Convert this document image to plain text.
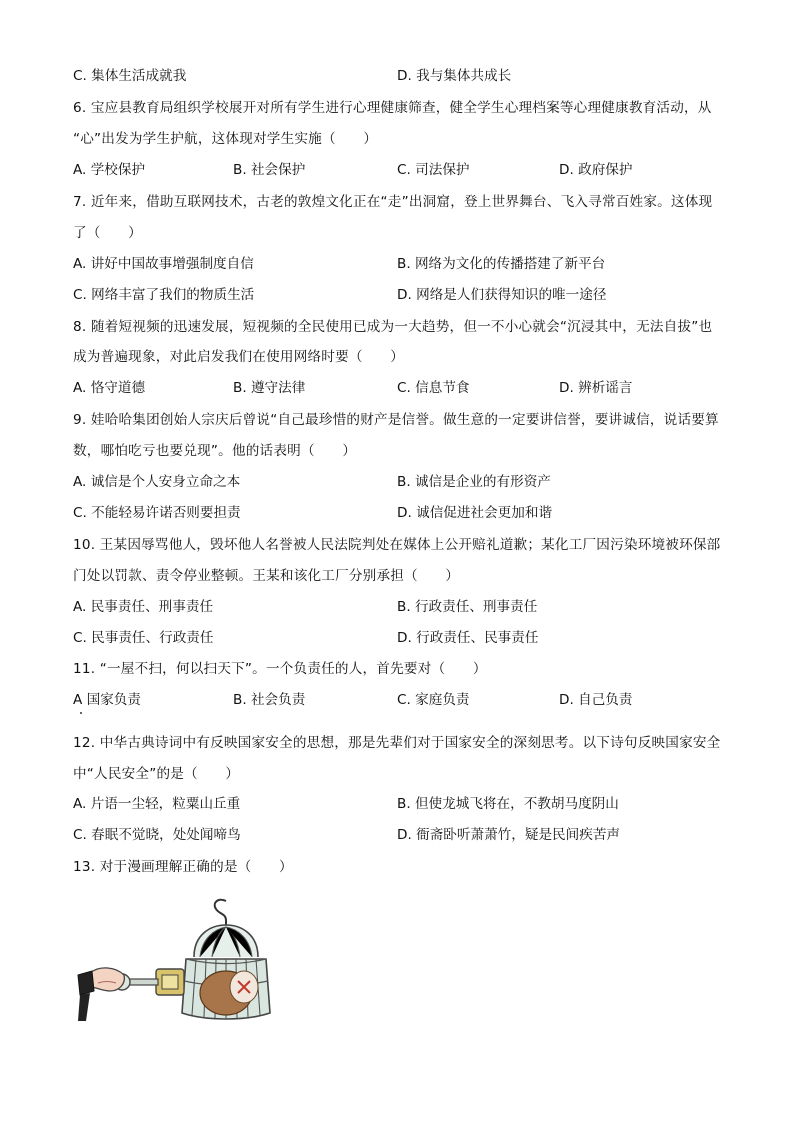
C. 集体生活成就我	D. 我与集体共成长
6. 宝应县教育局组织学校展开对所有学生进行心理健康筛查，健全学生心理档案等心理健康教育活动，从
“心”出发为学生护航，这体现对学生实施（　　）
A. 学校保护	B. 社会保护	C. 司法保护	D. 政府保护
7. 近年来，借助互联网技术，古老的敦煌文化正在“走”出洞窟，登上世界舞台、飞入寻常百姓家。这体现
了（　　）
A. 讲好中国故事增强制度自信	B. 网络为文化的传播搭建了新平台
C. 网络丰富了我们的物质生活	D. 网络是人们获得知识的唯一途径
8. 随着短视频的迅速发展，短视频的全民使用已成为一大趋势，但一不小心就会“沉浸其中，无法自拔”也
成为普遍现象，对此启发我们在使用网络时要（　　）
A. 恪守道德	B. 遵守法律	C. 信息节食	D. 辨析谣言
9. 娃哈哈集团创始人宗庆后曾说“自己最珍惜的财产是信誉。做生意的一定要讲信誉，要讲诚信，说话要算
数，哪怕吃亏也要兑现”。他的话表明（　　）
A. 诚信是个人安身立命之本	B. 诚信是企业的有形资产
C. 不能轻易许诺否则要担责	D. 诚信促进社会更加和谐
10. 王某因辱骂他人，毁坏他人名誉被人民法院判处在媒体上公开赔礼道歉；某化工厂因污染环境被环保部
门处以罚款、责令停业整顿。王某和该化工厂分别承担（　　）
A. 民事责任、刑事责任	B. 行政责任、刑事责任
C. 民事责任、行政责任	D. 行政责任、民事责任
11. “一屋不扫，何以扫天下”。一个负责任的人，首先要对（　　）
A 国家负责	B. 社会负责	C. 家庭负责	D. 自己负责
12. 中华古典诗词中有反映国家安全的思想，那是先辈们对于国家安全的深刻思考。以下诗句反映国家安全
中“人民安全”的是（　　）
A. 片语一尘轻，粒粟山丘重	B. 但使龙城飞将在，不教胡马度阴山
C. 春眠不觉晓，处处闻啼鸟	D. 衙斋卧听萧萧竹，疑是民间疾苦声
13. 对于漫画理解正确的是（　　）
